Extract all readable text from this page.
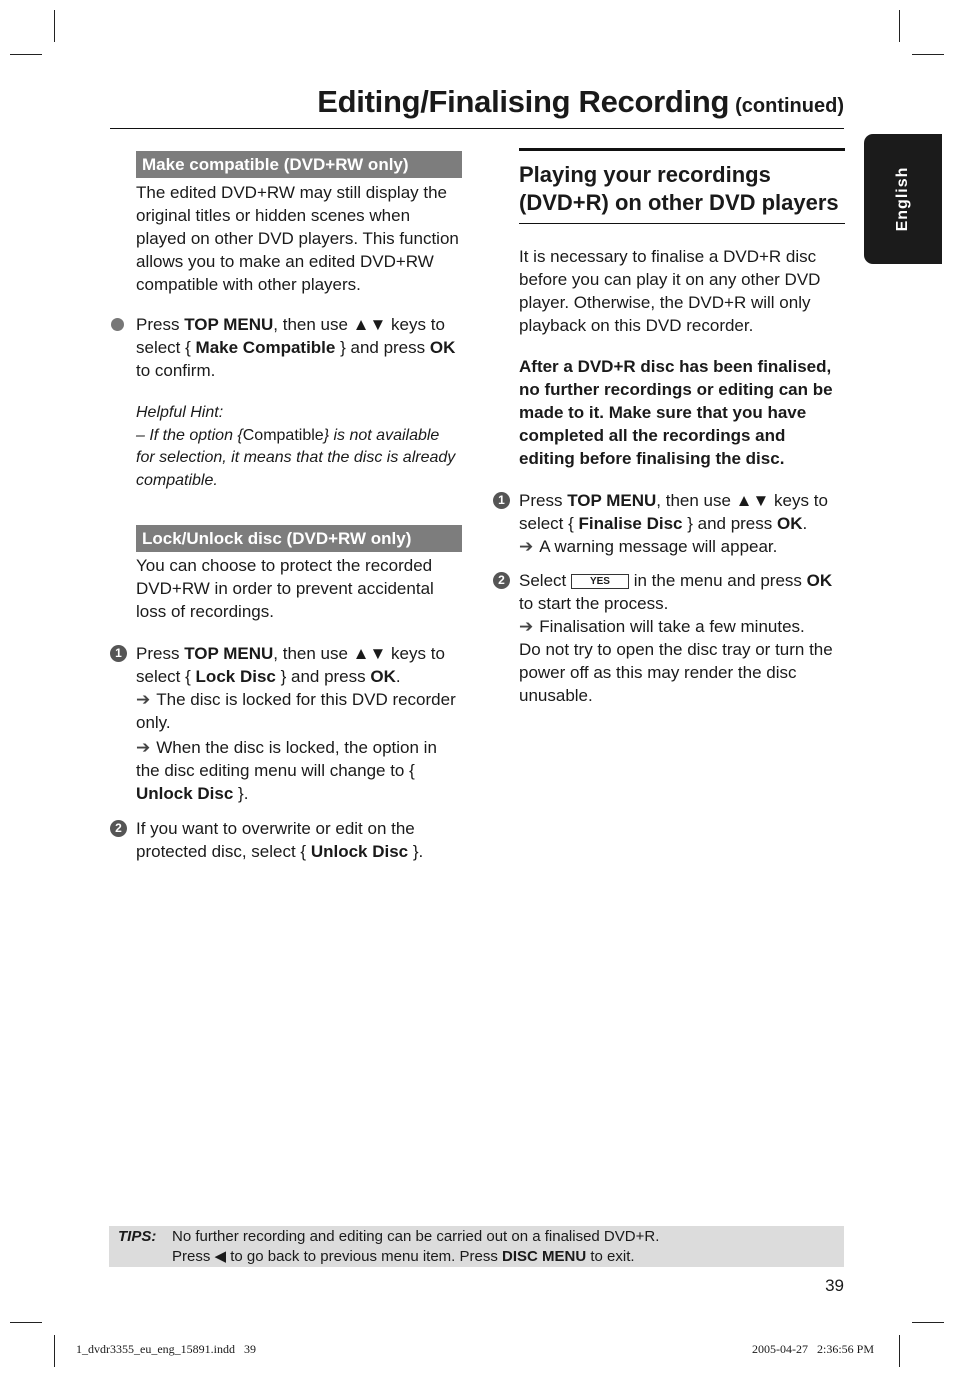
Editing/Finalising Recording (continued)
English
Make compatible (DVD+RW only)

The edited DVD+RW may still display the original titles or hidden scenes when played on other DVD players. This function allows you to make an edited DVD+RW compatible with other players.

Press TOP MENU, then use ▲▼ keys to select { Make Compatible } and press OK to confirm.
Helpful Hint:
– If the option {Compatible} is not available for selection, it means that the disc is already compatible.
Lock/Unlock disc (DVD+RW only)

You can choose to protect the recorded DVD+RW in order to prevent accidental loss of recordings.

1 Press TOP MENU, then use ▲▼ keys to select { Lock Disc } and press OK.
➔ The disc is locked for this DVD recorder only.
➔ When the disc is locked, the option in the disc editing menu will change to { Unlock Disc }.
2 If you want to overwrite or edit on the protected disc, select { Unlock Disc }.
Playing your recordings (DVD+R) on other DVD players

It is necessary to finalise a DVD+R disc before you can play it on any other DVD player. Otherwise, the DVD+R will only playback on this DVD recorder.

After a DVD+R disc has been finalised, no further recordings or editing can be made to it. Make sure that you have completed all the recordings and editing before finalising the disc.

1 Press TOP MENU, then use ▲▼ keys to select { Finalise Disc } and press OK.
➔ A warning message will appear.
2 Select YES in the menu and press OK to start the process.
➔ Finalisation will take a few minutes.
Do not try to open the disc tray or turn the power off as this may render the disc unusable.
TIPS: No further recording and editing can be carried out on a finalised DVD+R.
Press ◀ to go back to previous menu item. Press DISC MENU to exit.
39
1_dvdr3355_eu_eng_15891.indd   39	2005-04-27   2:36:56 PM
